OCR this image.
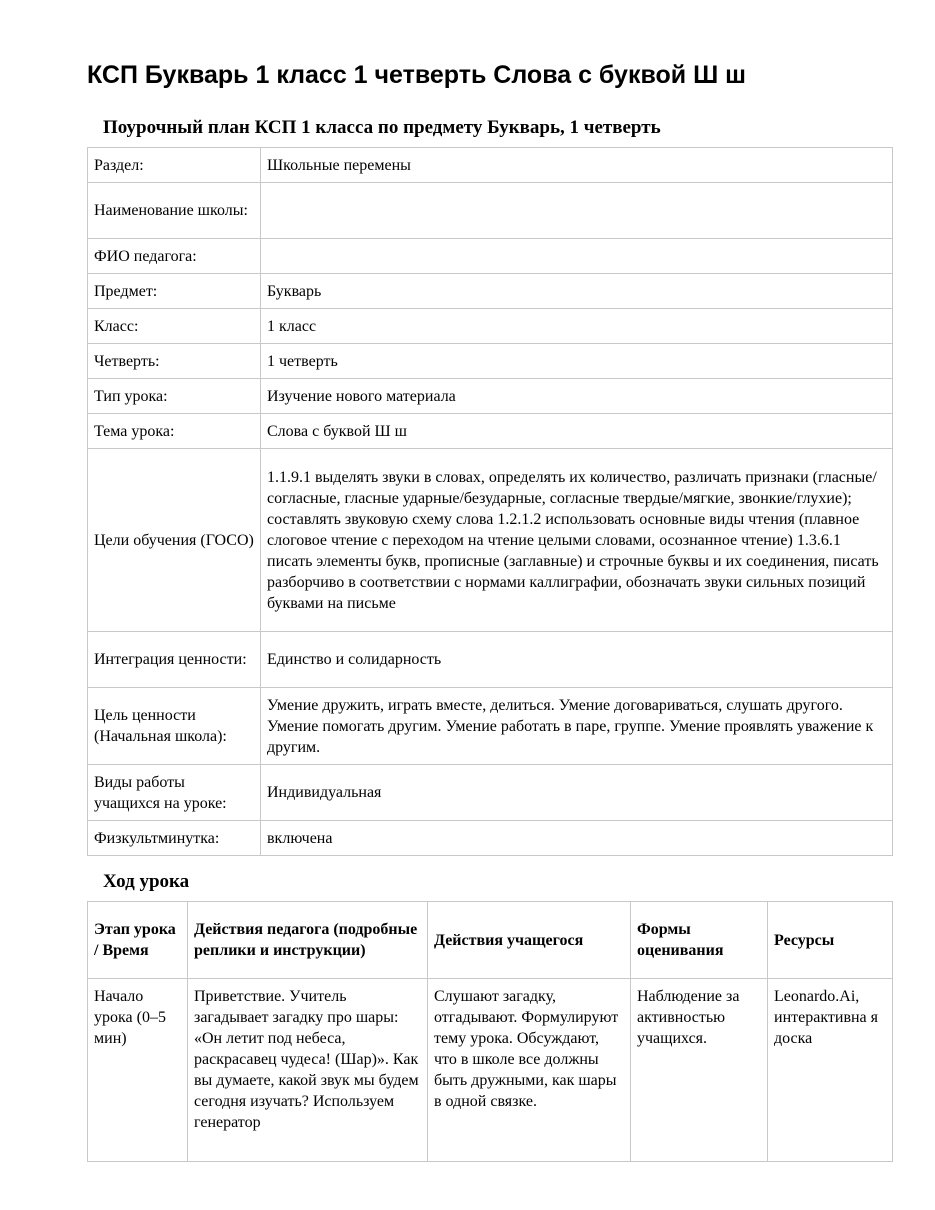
КСП Букварь 1 класс 1 четверть Слова с буквой Ш ш
Поурочный план КСП 1 класса по предмету Букварь, 1 четверть
Раздел:	Школьные перемены
Наименование школы:	
ФИО педагога:	
Предмет:	Букварь
Класс:	1 класс
Четверть:	1 четверть
Тип урока:	Изучение нового материала
Тема урока:	Слова с буквой Ш ш
Цели обучения (ГОСО)	1.1.9.1 выделять звуки в словах, определять их количество, различать признаки (гласные/ согласные, гласные ударные/безударные, согласные твердые/мягкие, звонкие/глухие); составлять звуковую схему слова 1.2.1.2 использовать основные виды чтения (плавное слоговое чтение с переходом на чтение целыми словами, осознанное чтение) 1.3.6.1 писать элементы букв, прописные (заглавные) и строчные буквы и их соединения, писать разборчиво в соответствии с нормами каллиграфии, обозначать звуки сильных позиций буквами на письме
Интеграция ценности:	Единство и солидарность
Цель ценности (Начальная школа):	Умение дружить, играть вместе, делиться. Умение договариваться, слушать другого. Умение помогать другим. Умение работать в паре, группе. Умение проявлять уважение к другим.
Виды работы учащихся на уроке:	Индивидуальная
Физкультминутка:	включена
Ход урока
Этап урока / Время	Действия педагога (подробные реплики и инструкции)	Действия учащегося	Формы оценивания	Ресурсы
Начало урока (0–5 мин)	Приветствие. Учитель загадывает загадку про шары: «Он летит под небеса, раскрасавец чудеса! (Шар)». Как вы думаете, какой звук мы будем сегодня изучать? Используем генератор	Слушают загадку, отгадывают. Формулируют тему урока. Обсуждают, что в школе все должны быть дружными, как шары в одной связке.	Наблюдение за активностью учащихся.	Leonardo.Ai, интерактивна я доска
